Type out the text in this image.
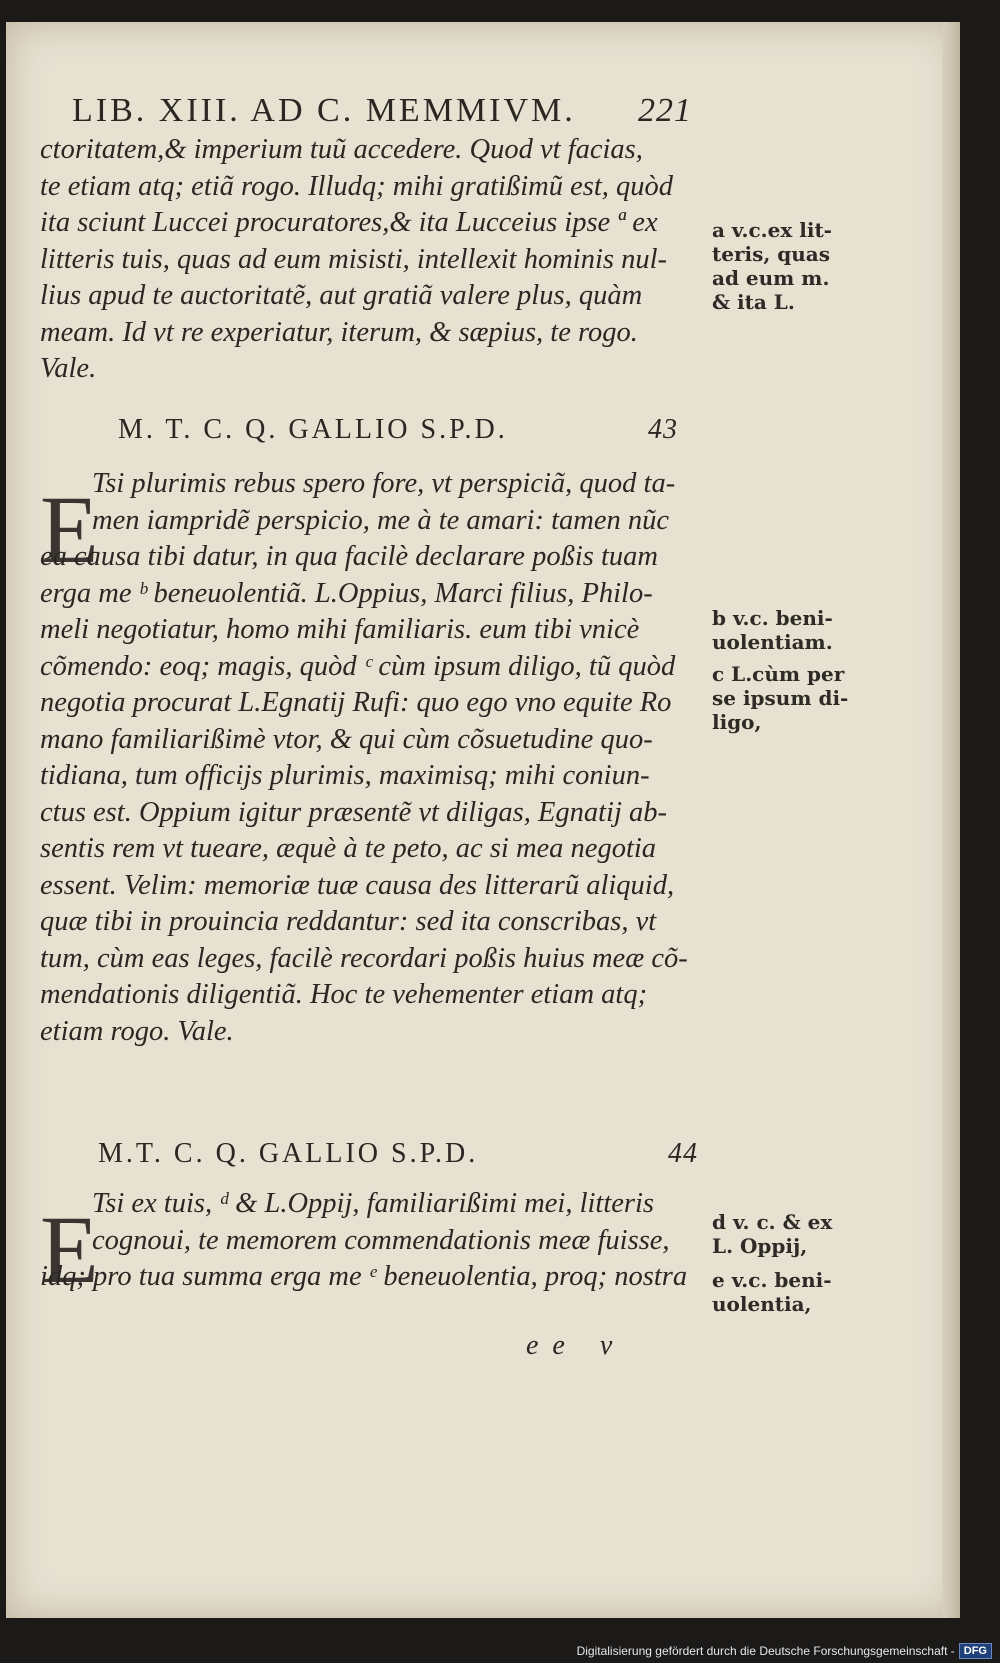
LIB. XIII. AD C. MEMMIVM. 221
ctoritatem,& imperium tuũ accedere. Quod vt facias,
te etiam atq; etiã rogo. Illudq; mihi gratißimũ est, quòd
ita sciunt Luccei procuratores,& ita Lucceius ipse ª ex
litteris tuis, quas ad eum misisti, intellexit hominis nul-
lius apud te auctoritatẽ, aut gratiã valere plus, quàm
meam. Id vt re experiatur, iterum, & sæpius, te rogo.
Vale.
a v.c.ex lit-
teris, quas
ad eum m.
& ita L.
M. T. C. Q. GALLIO S.P.D.	43
E
Tsi plurimis rebus spero fore, vt perspiciã, quod ta-
men iampridẽ perspicio, me à te amari: tamen nũc
ea causa tibi datur, in qua facilè declarare poßis tuam
erga me ᵇ beneuolentiã. L.Oppius, Marci filius, Philo-
meli negotiatur, homo mihi familiaris. eum tibi vnicè
cõmendo: eoq; magis, quòd ᶜ cùm ipsum diligo, tũ quòd
negotia procurat L.Egnatij Rufi: quo ego vno equite Ro
mano familiarißimè vtor, & qui cùm cõsuetudine quo-
tidiana, tum officijs plurimis, maximisq; mihi coniun-
ctus est. Oppium igitur præsentẽ vt diligas, Egnatij ab-
sentis rem vt tueare, æquè à te peto, ac si mea negotia
essent. Velim: memoriæ tuæ causa des litterarũ aliquid,
quæ tibi in prouincia reddantur: sed ita conscribas, vt
tum, cùm eas leges, facilè recordari poßis huius meæ cõ-
mendationis diligentiã. Hoc te vehementer etiam atq;
etiam rogo. Vale.
b v.c. beni-
uolentiam.
c L.cùm per
se ipsum di-
ligo,
M.T. C. Q. GALLIO S.P.D.	44
E
Tsi ex tuis, ᵈ & L.Oppij, familiarißimi mei, litteris
cognoui, te memorem commendationis meæ fuisse,
idq; pro tua summa erga me ᵉ beneuolentia, proq; nostra
d v. c. & ex
L. Oppij,
e v.c. beni-
uolentia,
ee v
Digitalisierung gefördert durch die Deutsche Forschungsgemeinschaft - DFG
